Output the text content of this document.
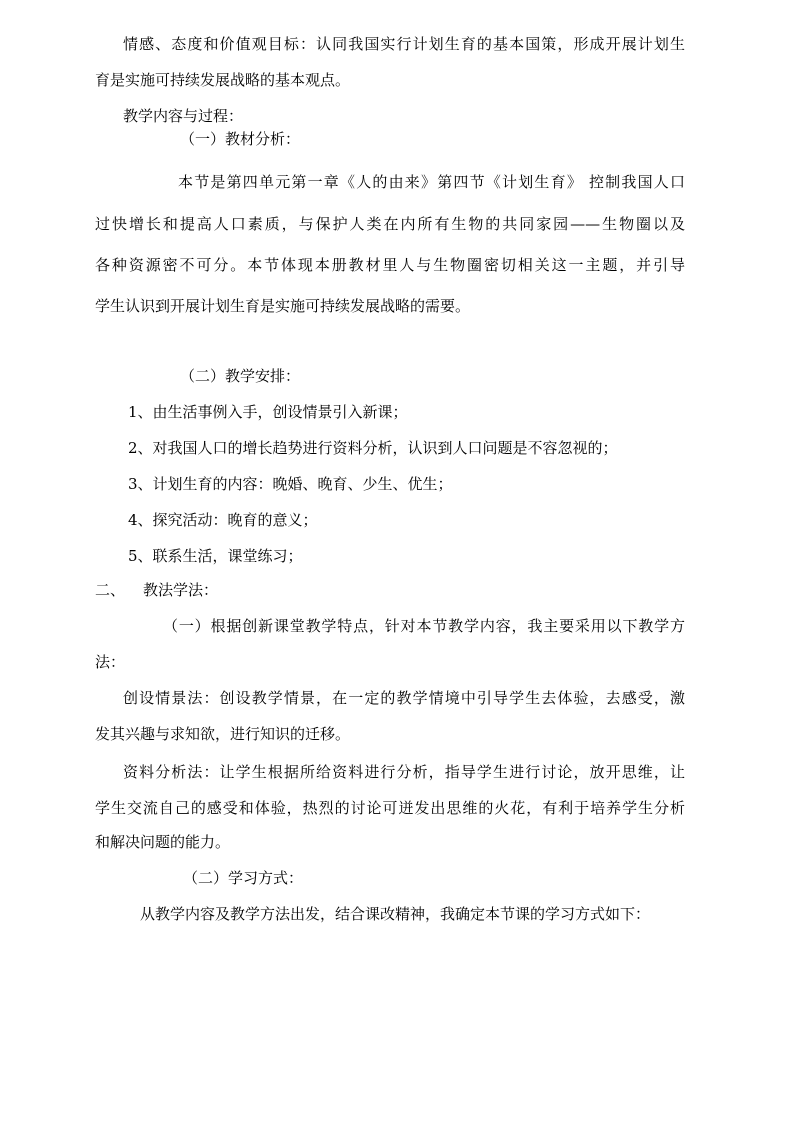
情感、态度和价值观目标：认同我国实行计划生育的基本国策，形成开展计划生
育是实施可持续发展战略的基本观点。
教学内容与过程：
（一）教材分析：
本节是第四单元第一章《人的由来》第四节《计划生育》 控制我国人口
过快增长和提高人口素质，与保护人类在内所有生物的共同家园——生物圈以及
各种资源密不可分。本节体现本册教材里人与生物圈密切相关这一主题，并引导
学生认识到开展计划生育是实施可持续发展战略的需要。
（二）教学安排：
1、由生活事例入手，创设情景引入新课；
2、对我国人口的增长趋势进行资料分析，认识到人口问题是不容忽视的；
3、计划生育的内容：晚婚、晚育、少生、优生；
4、探究活动：晚育的意义；
5、联系生活，课堂练习；
二、 教法学法：
（一）根据创新课堂教学特点，针对本节教学内容，我主要采用以下教学方
法：
创设情景法：创设教学情景，在一定的教学情境中引导学生去体验，去感受，激
发其兴趣与求知欲，进行知识的迁移。
资料分析法：让学生根据所给资料进行分析，指导学生进行讨论，放开思维，让
学生交流自己的感受和体验，热烈的讨论可迸发出思维的火花，有利于培养学生分析
和解决问题的能力。
（二）学习方式：
从教学内容及教学方法出发，结合课改精神，我确定本节课的学习方式如下：
